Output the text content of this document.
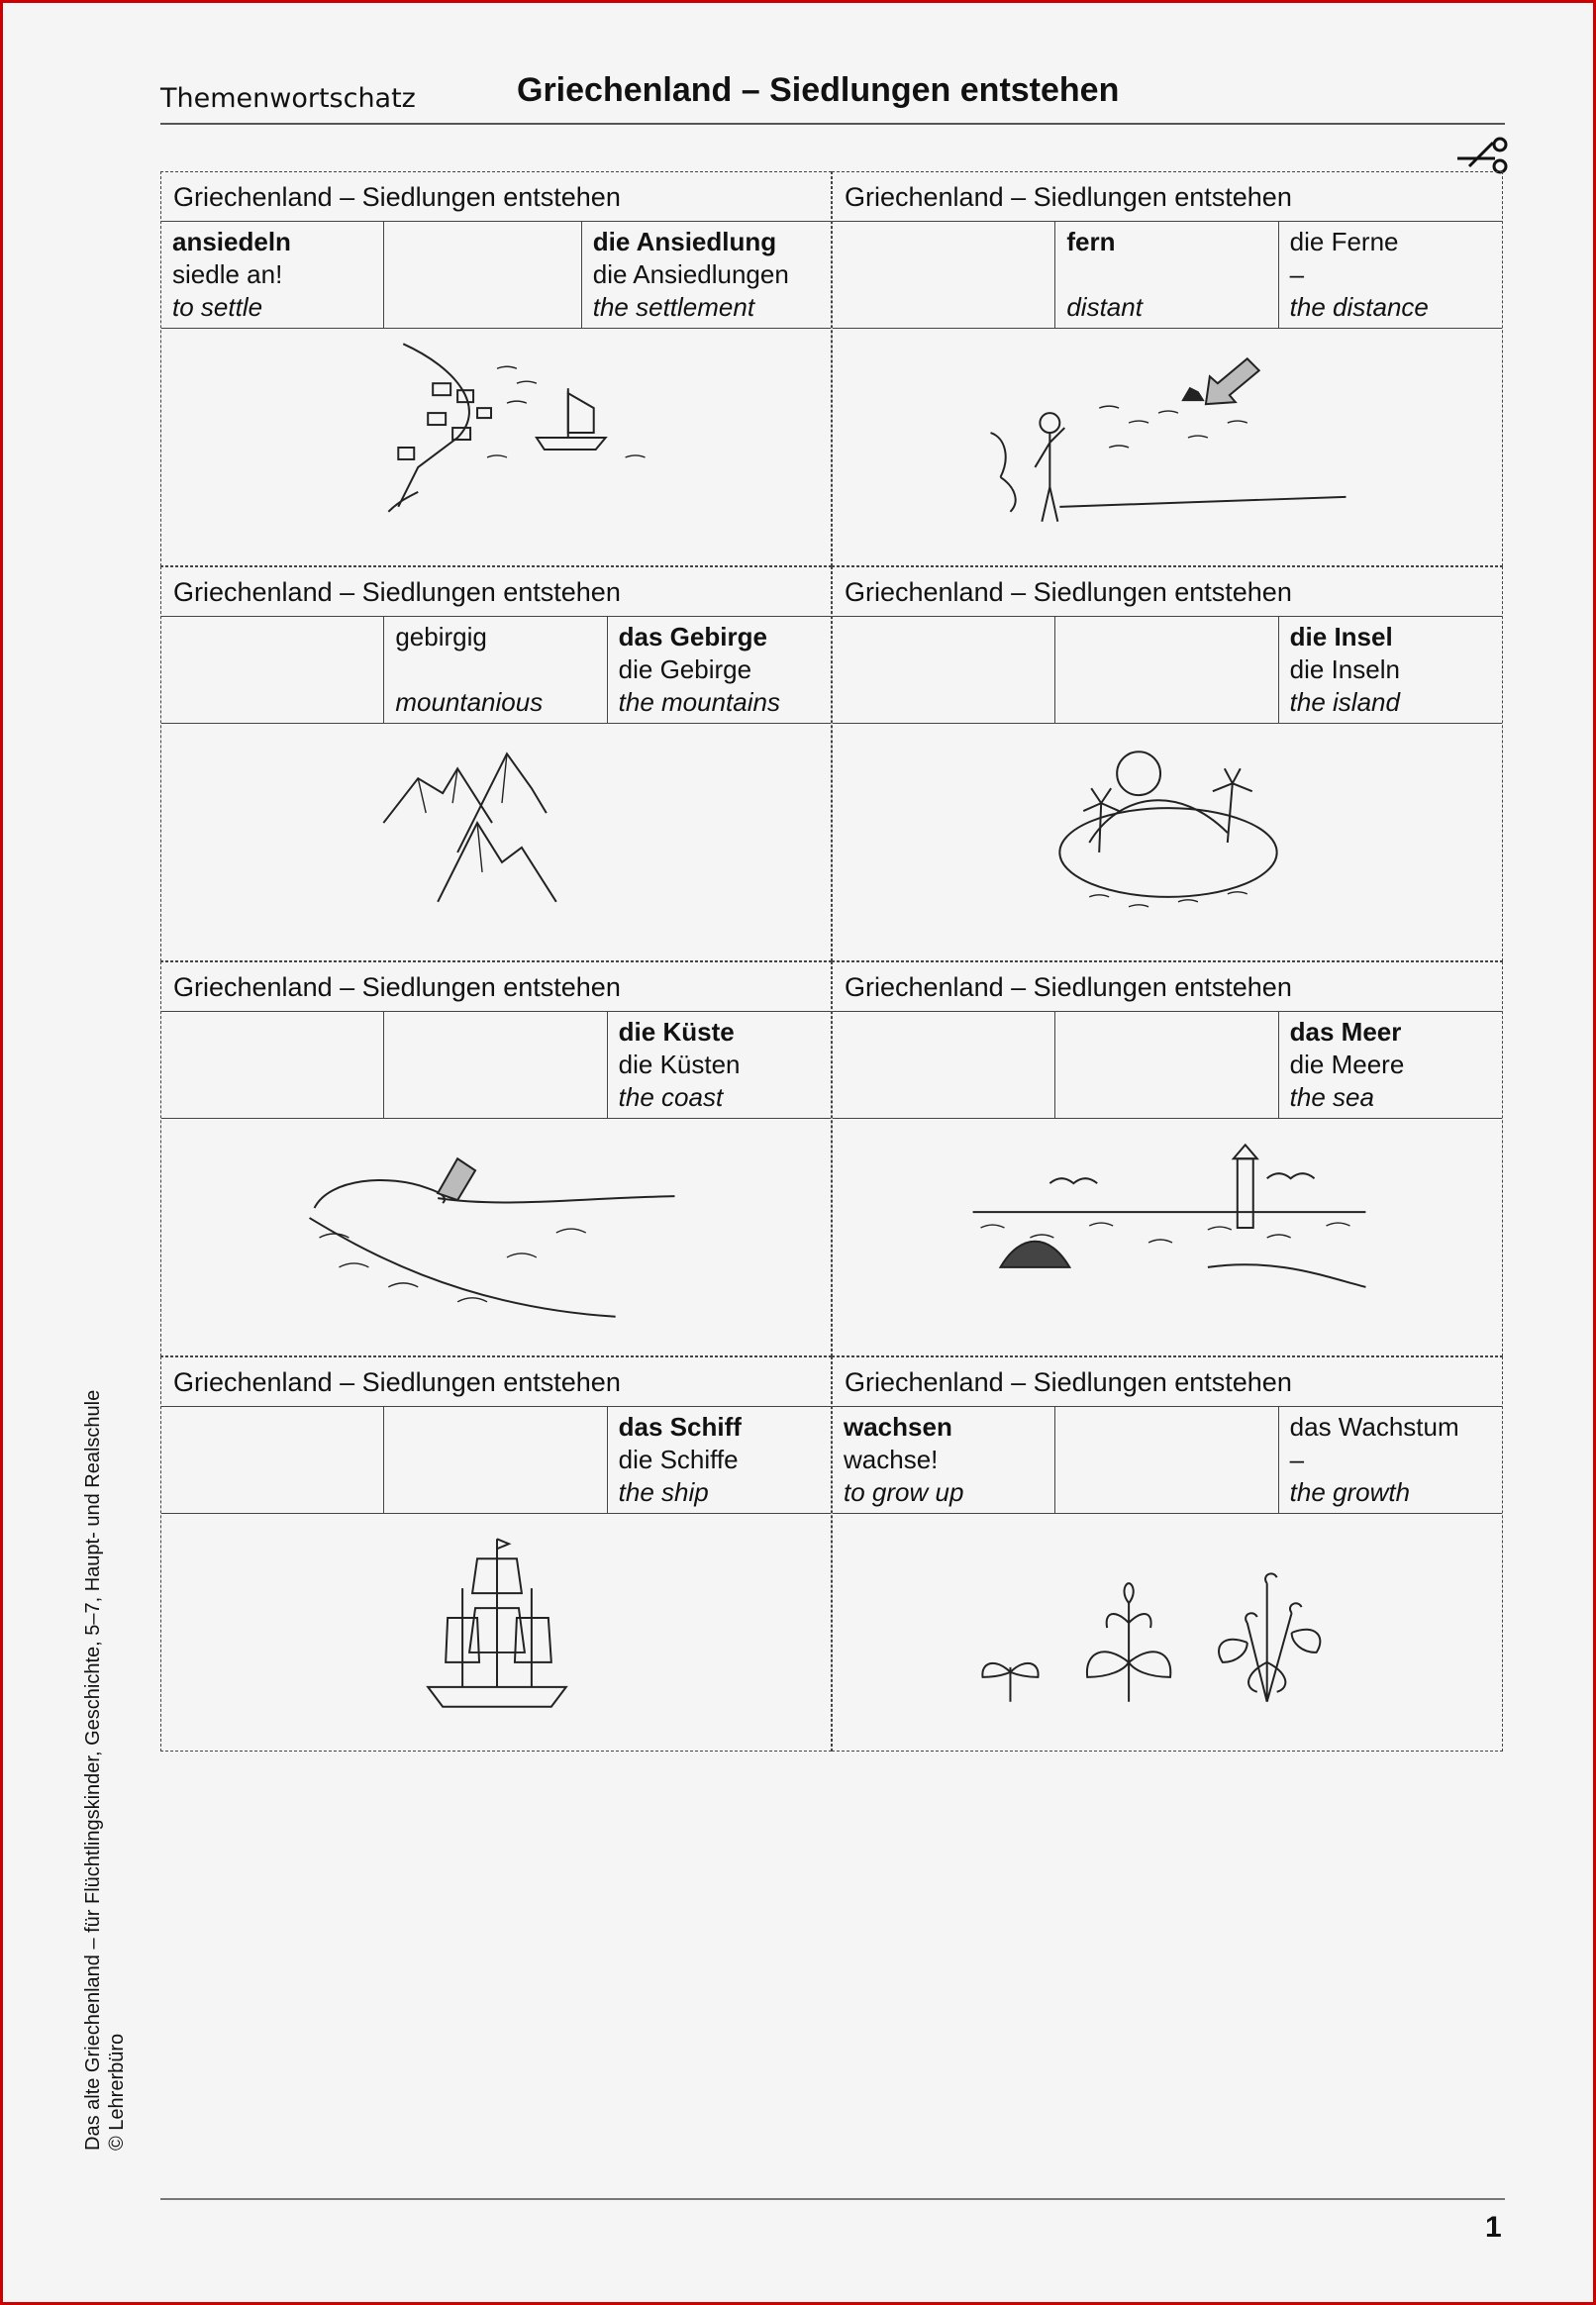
Themenwortschatz	Griechenland – Siedlungen entstehen
Griechenland – Siedlungen entstehen
ansiedeln
siedle an!
to settle
die Ansiedlung
die Ansiedlungen
the settlement
Griechenland – Siedlungen entstehen
fern
distant
die Ferne
–
the distance
Griechenland – Siedlungen entstehen
gebirgig
mountanious
das Gebirge
die Gebirge
the mountains
Griechenland – Siedlungen entstehen
die Insel
die Inseln
the island
Griechenland – Siedlungen entstehen
die Küste
die Küsten
the coast
Griechenland – Siedlungen entstehen
das Meer
die Meere
the sea
Griechenland – Siedlungen entstehen
das Schiff
die Schiffe
the ship
Griechenland – Siedlungen entstehen
wachsen
wachse!
to grow up
das Wachstum
–
the growth
Das alte Griechenland – für Flüchtlingskinder, Geschichte, 5–7, Haupt- und Realschule © Lehrerbüro
1
